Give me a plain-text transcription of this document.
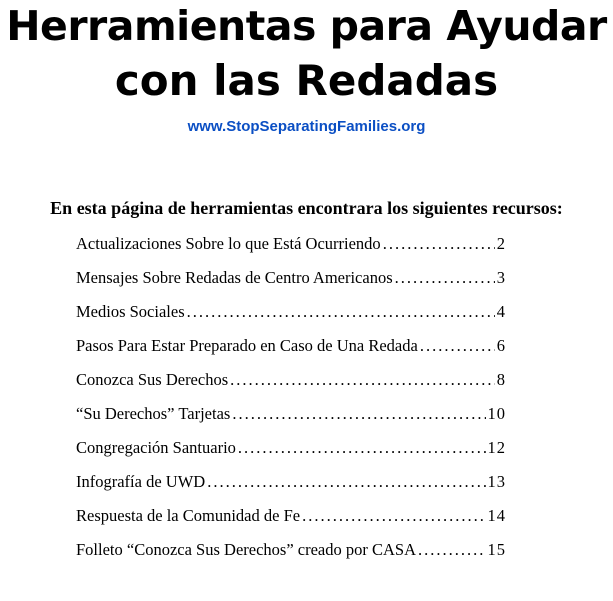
Herramientas para Ayudar
con las Redadas
www.StopSeparatingFamilies.org

En esta página de herramientas encontrara los siguientes recursos:

Actualizaciones Sobre lo que Está Ocurriendo .....	2
Mensajes Sobre Redadas de Centro Americanos .....	3
Medios Sociales .....	4
Pasos Para Estar Preparado en Caso de Una Redada .....	6
Conozca Sus Derechos .....	8
“Su Derechos” Tarjetas .....	10
Congregación Santuario .....	12
Infografía de UWD .....	13
Respuesta de la Comunidad de Fe .....	14
Folleto “Conozca Sus Derechos” creado por CASA .....	15
